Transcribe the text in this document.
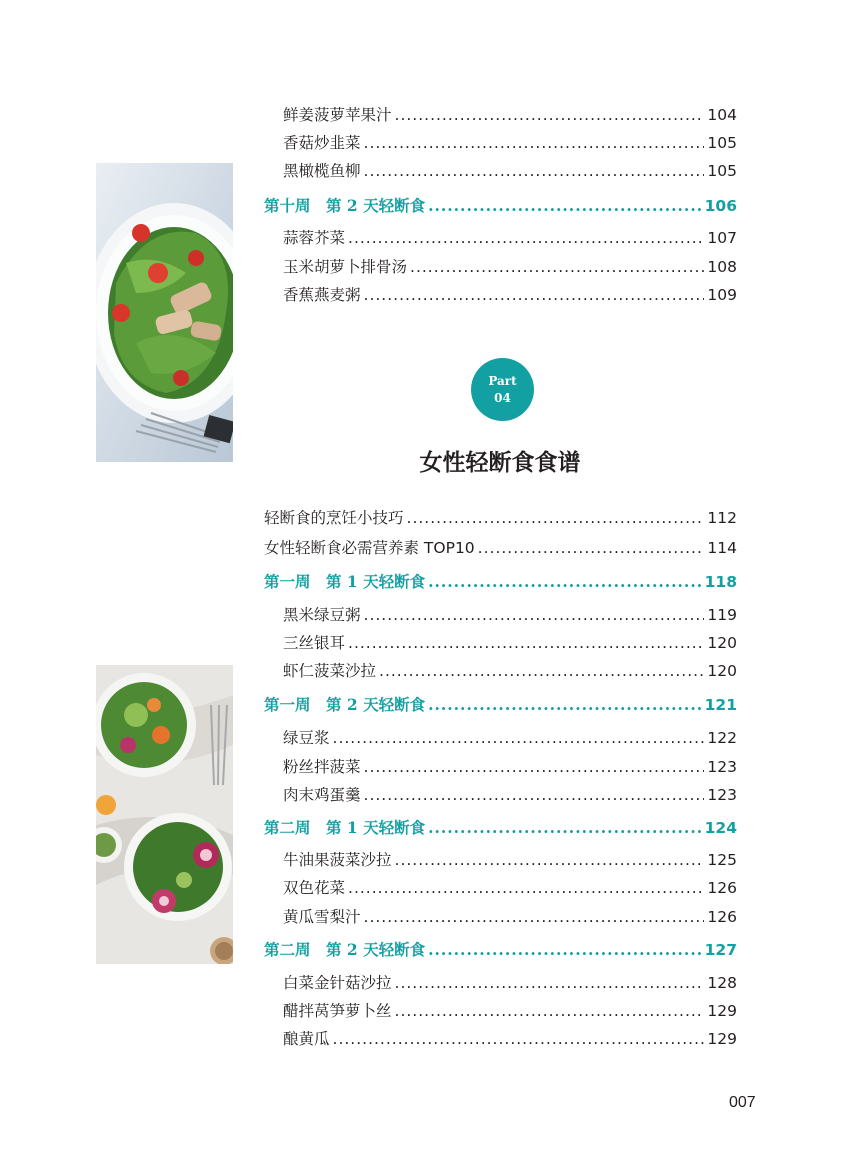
鲜姜菠萝苹果汁 .....	104
香菇炒韭菜 .....	105
黑橄榄鱼柳 .....	105
第十周　第 2 天轻断食 .....	106
蒜蓉芥菜 .....	107
玉米胡萝卜排骨汤 .....	108
香蕉燕麦粥 .....	109
Part
04
女性轻断食食谱
轻断食的烹饪小技巧 .....	112
女性轻断食必需营养素 TOP10 .....	114
第一周　第 1 天轻断食 .....	118
黑米绿豆粥 .....	119
三丝银耳 .....	120
虾仁菠菜沙拉 .....	120
第一周　第 2 天轻断食 .....	121
绿豆浆 .....	122
粉丝拌菠菜 .....	123
肉末鸡蛋羹 .....	123
第二周　第 1 天轻断食 .....	124
牛油果菠菜沙拉 .....	125
双色花菜 .....	126
黄瓜雪梨汁 .....	126
第二周　第 2 天轻断食 .....	127
白菜金针菇沙拉 .....	128
醋拌莴笋萝卜丝 .....	129
酿黄瓜 .....	129
007
